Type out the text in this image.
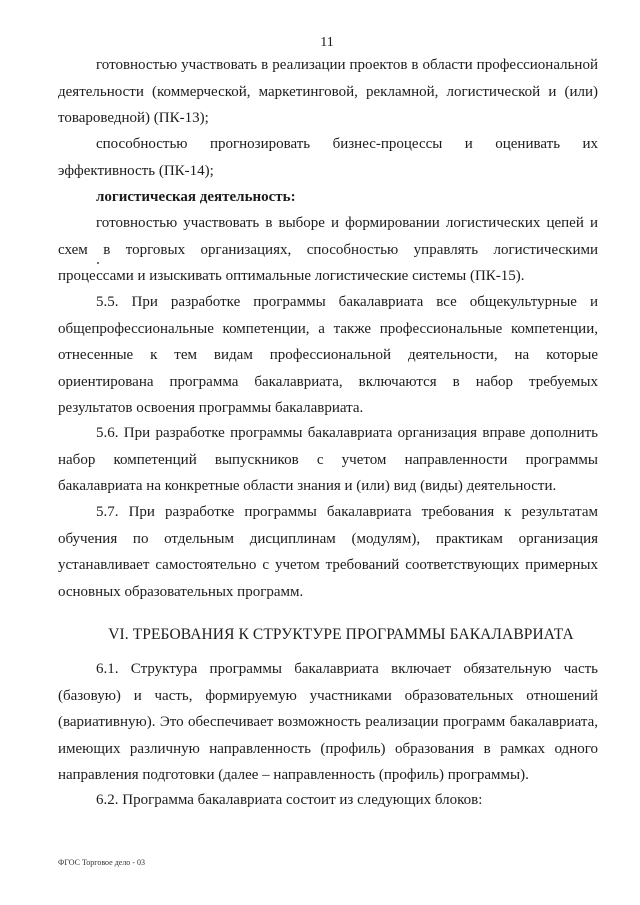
11

готовностью участвовать в реализации проектов в области профессиональной деятельности (коммерческой, маркетинговой, рекламной, логистической и (или) товароведной) (ПК-13);

способностью прогнозировать бизнес-процессы и оценивать их эффективность (ПК-14);

логистическая деятельность:

готовностью участвовать в выборе и формировании логистических цепей и схем в торговых организациях, способностью управлять логистическими процессами и изыскивать оптимальные логистические системы (ПК-15).

5.5. При разработке программы бакалавриата все общекультурные и общепрофессиональные компетенции, а также профессиональные компетенции, отнесенные к тем видам профессиональной деятельности, на которые ориентирована программа бакалавриата, включаются в набор требуемых результатов освоения программы бакалавриата.

5.6. При разработке программы бакалавриата организация вправе дополнить набор компетенций выпускников с учетом направленности программы бакалавриата на конкретные области знания и (или) вид (виды) деятельности.

5.7. При разработке программы бакалавриата требования к результатам обучения по отдельным дисциплинам (модулям), практикам организация устанавливает самостоятельно с учетом требований соответствующих примерных основных образовательных программ.

VI. ТРЕБОВАНИЯ К СТРУКТУРЕ ПРОГРАММЫ БАКАЛАВРИАТА

6.1. Структура программы бакалавриата включает обязательную часть (базовую) и часть, формируемую участниками образовательных отношений (вариативную). Это обеспечивает возможность реализации программ бакалавриата, имеющих различную направленность (профиль) образования в рамках одного направления подготовки (далее – направленность (профиль) программы).

6.2. Программа бакалавриата состоит из следующих блоков:

ФГОС Торговое дело - 03
